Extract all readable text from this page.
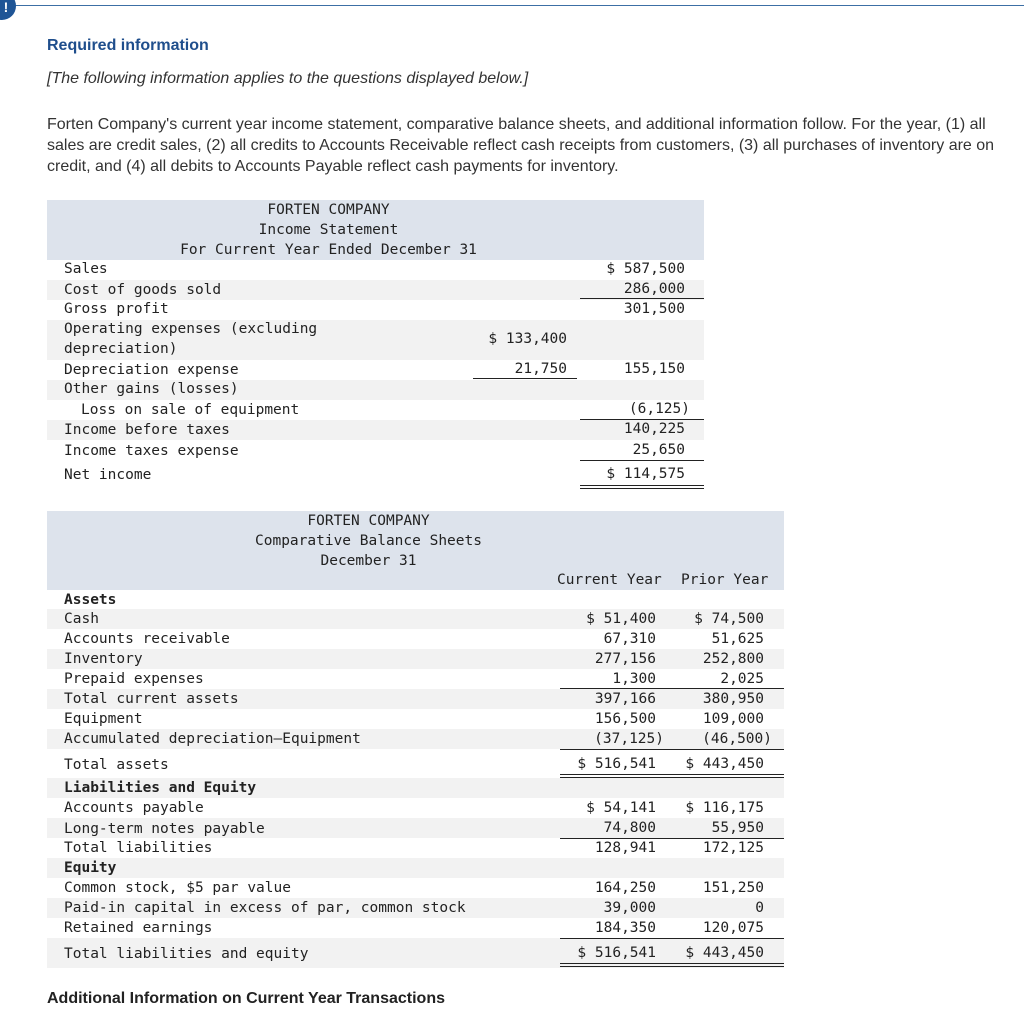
!
Required information
[The following information applies to the questions displayed below.]
Forten Company's current year income statement, comparative balance sheets, and additional information follow. For the year, (1) all sales are credit sales, (2) all credits to Accounts Receivable reflect cash receipts from customers, (3) all purchases of inventory are on credit, and (4) all debits to Accounts Payable reflect cash payments for inventory.
FORTEN COMPANY
Income Statement
For Current Year Ended December 31
Sales
Cost of goods sold
Gross profit
Operating expenses (excluding
depreciation)
Depreciation expense
Other gains (losses)
Loss on sale of equipment
Income before taxes
Income taxes expense
Net income
$ 133,400
21,750
$ 587,500
286,000
301,500
155,150
(6,125)
140,225
25,650
$ 114,575
FORTEN COMPANY
Comparative Balance Sheets
December 31
Current Year Prior Year
Assets
Cash
Accounts receivable
Inventory
Prepaid expenses
Total current assets
Equipment
Accumulated depreciation—Equipment
Total assets
Liabilities and Equity
Accounts payable
Long-term notes payable
Total liabilities
Equity
Common stock, $5 par value
Paid-in capital in excess of par, common stock
Retained earnings
Total liabilities and equity
$ 51,400
67,310
277,156
1,300
397,166
156,500
(37,125)
$ 516,541
$ 54,141
74,800
128,941
164,250
39,000
184,350
$ 516,541
$ 74,500
51,625
252,800
2,025
380,950
109,000
(46,500)
$ 443,450
$ 116,175
55,950
172,125
151,250
0
120,075
$ 443,450
Additional Information on Current Year Transactions
